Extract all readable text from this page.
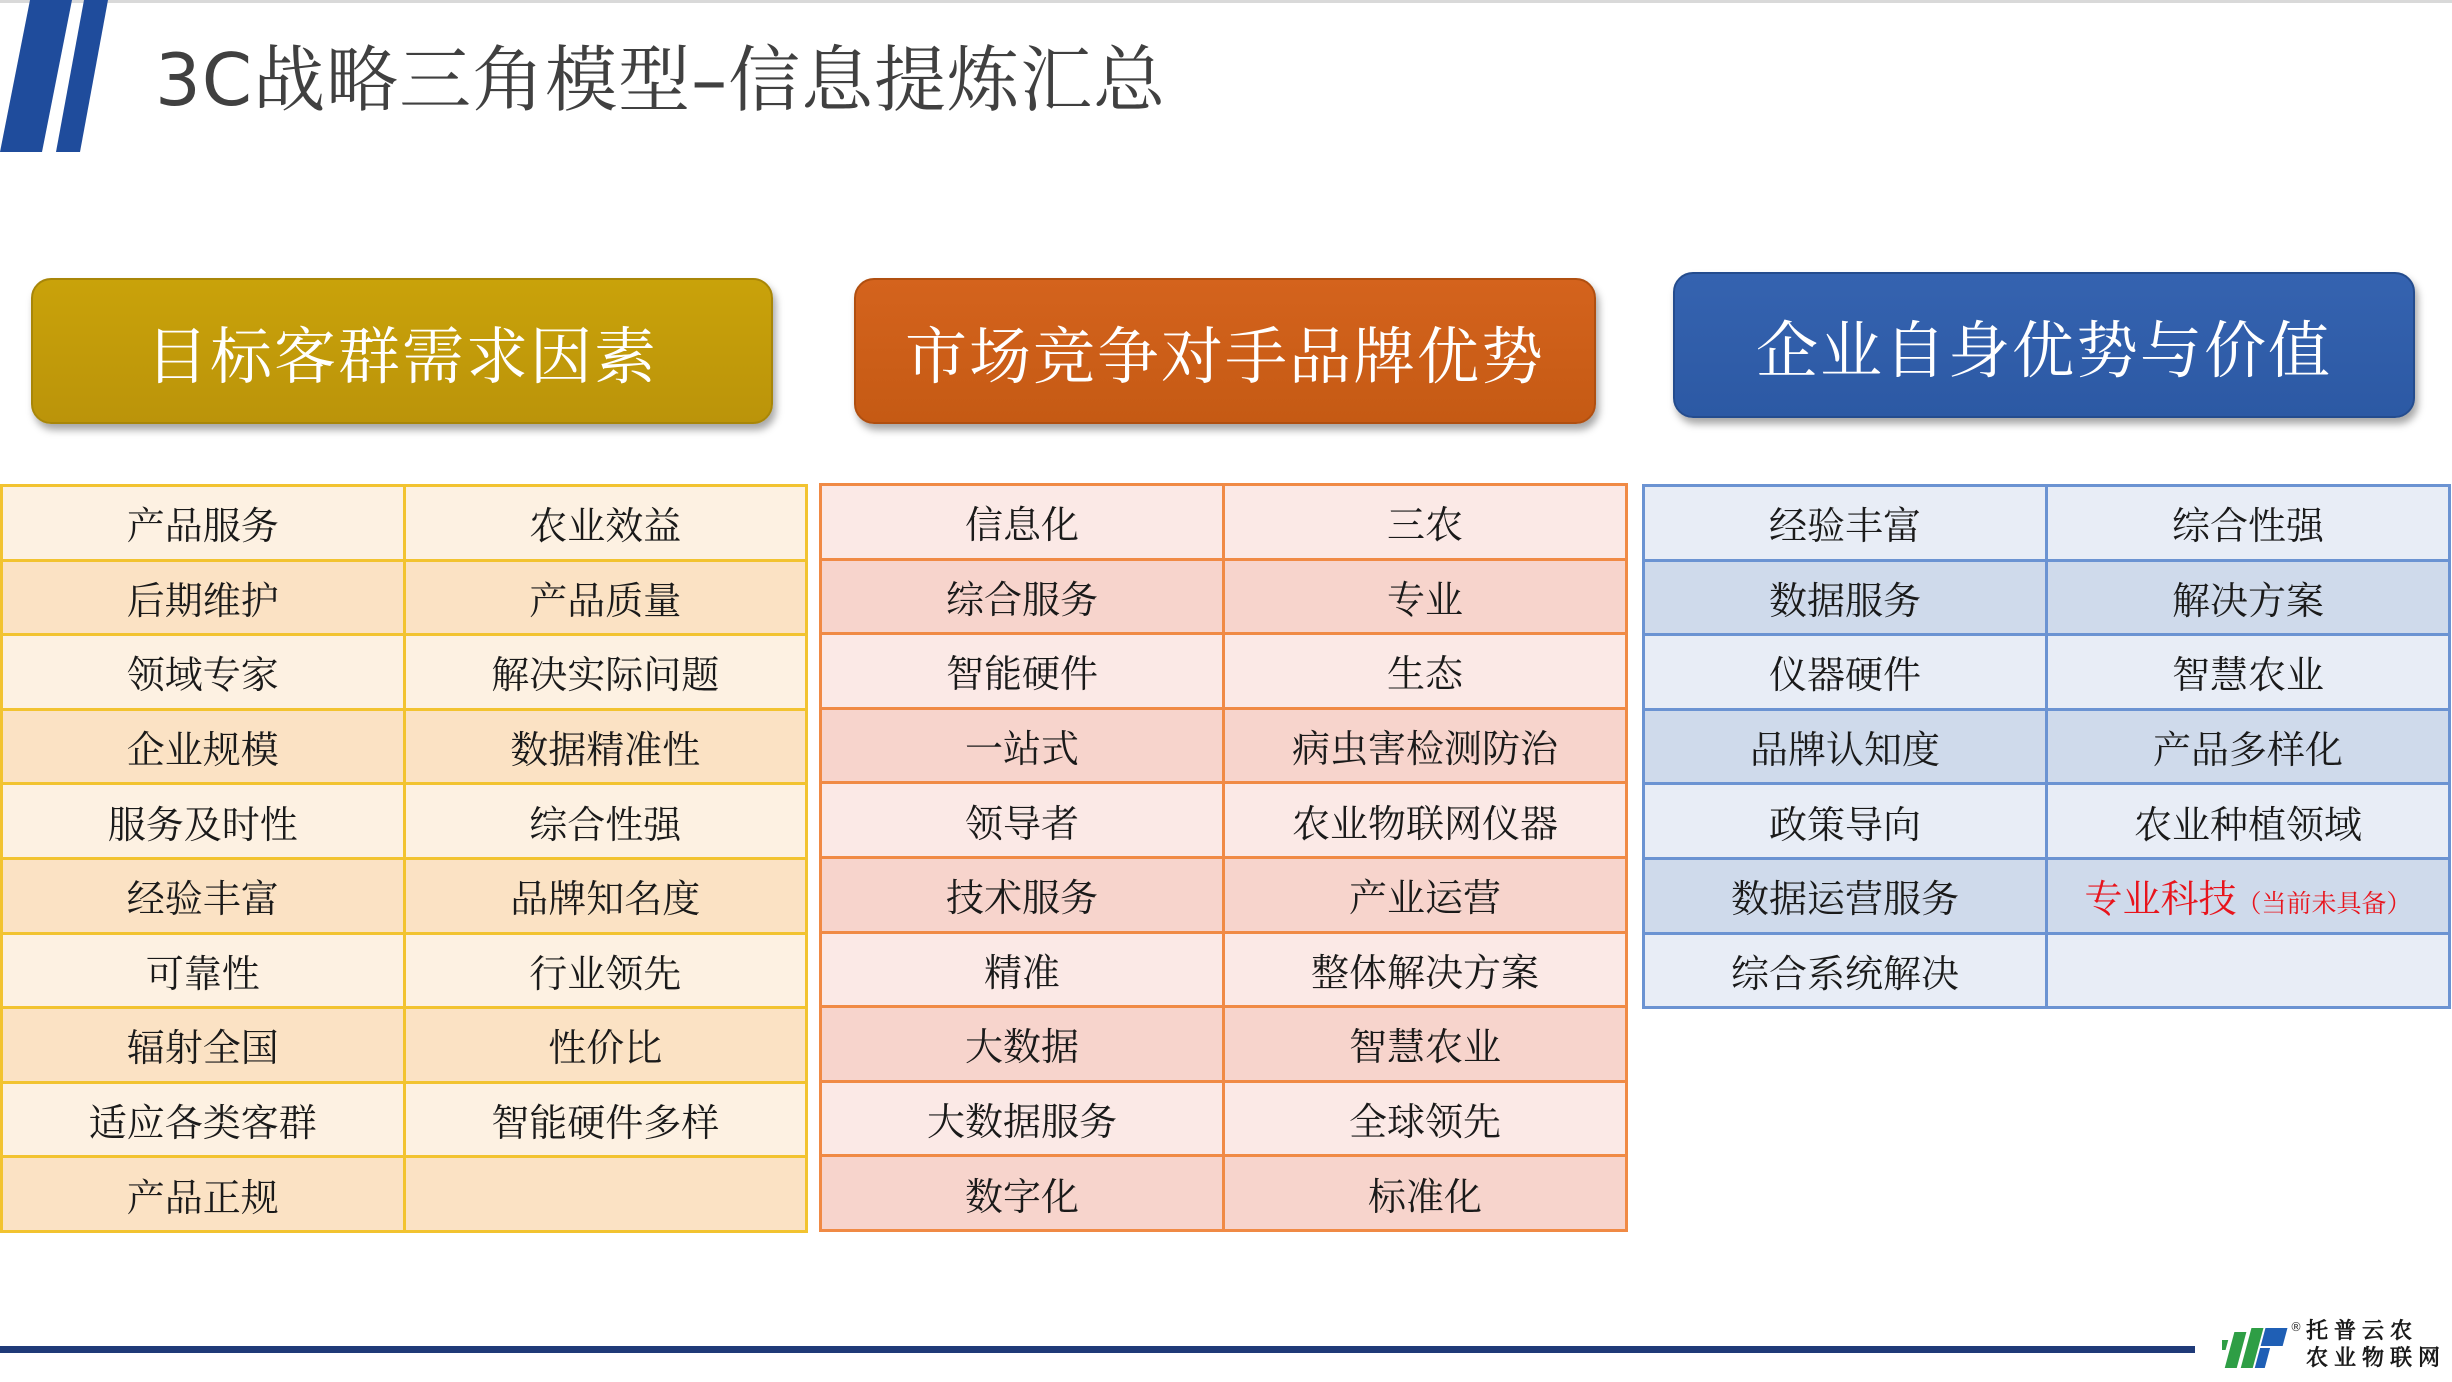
3C战略三角模型–信息提炼汇总
目标客群需求因素	市场竞争对手品牌优势	企业自身优势与价值
产品服务	农业效益
后期维护	产品质量
领域专家	解决实际问题
企业规模	数据精准性
服务及时性	综合性强
经验丰富	品牌知名度
可靠性	行业领先
辐射全国	性价比
适应各类客群	智能硬件多样
产品正规	
信息化	三农
综合服务	专业
智能硬件	生态
一站式	病虫害检测防治
领导者	农业物联网仪器
技术服务	产业运营
精准	整体解决方案
大数据	智慧农业
大数据服务	全球领先
数字化	标准化
经验丰富	综合性强
数据服务	解决方案
仪器硬件	智慧农业
品牌认知度	产品多样化
政策导向	农业种植领域
数据运营服务	专业科技（当前未具备）
综合系统解决	
® 托普云农
农业物联网
